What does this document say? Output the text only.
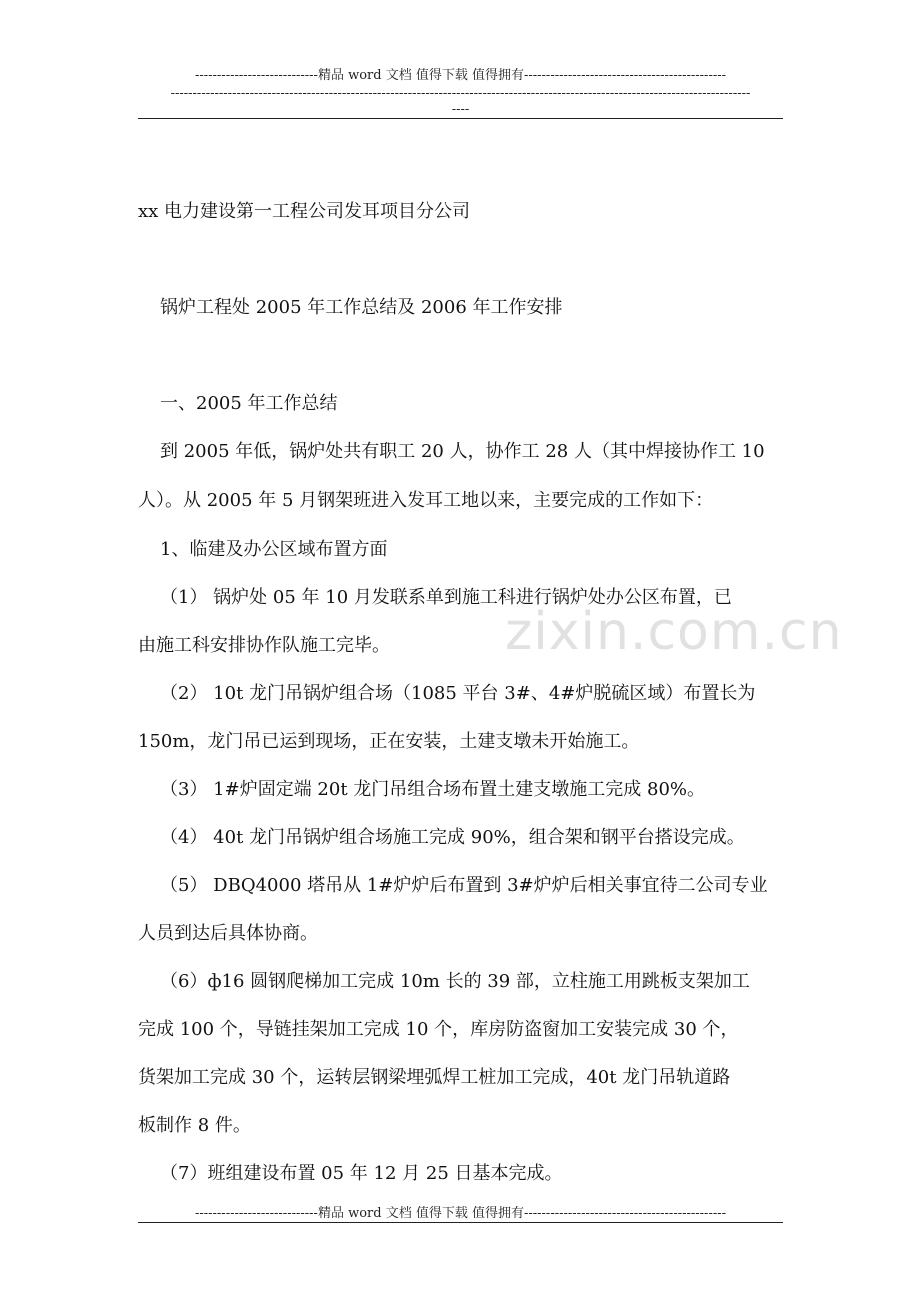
----------------------------精品 word 文档 值得下载 值得拥有----------------------------------------------
------------------------------------------------------------------------------------------------------------------------------------
----
xx 电力建设第一工程公司发耳项目分公司
锅炉工程处 2005 年工作总结及 2006 年工作安排
一、2005 年工作总结
到 2005 年低，锅炉处共有职工 20 人，协作工 28 人（其中焊接协作工 10
人）。从 2005 年 5 月钢架班进入发耳工地以来，主要完成的工作如下：
1、临建及办公区域布置方面
（1） 锅炉处 05 年 10 月发联系单到施工科进行锅炉处办公区布置，已
由施工科安排协作队施工完毕。
（2） 10t 龙门吊锅炉组合场（1085 平台 3#、4#炉脱硫区域）布置长为
150m，龙门吊已运到现场，正在安装，土建支墩未开始施工。
（3） 1#炉固定端 20t 龙门吊组合场布置土建支墩施工完成 80%。
（4） 40t 龙门吊锅炉组合场施工完成 90%，组合架和钢平台搭设完成。
（5） DBQ4000 塔吊从 1#炉炉后布置到 3#炉炉后相关事宜待二公司专业
人员到达后具体协商。
（6）ф16 圆钢爬梯加工完成 10m 长的 39 部，立柱施工用跳板支架加工
完成 100 个，导链挂架加工完成 10 个，库房防盗窗加工安装完成 30 个，
货架加工完成 30 个，运转层钢梁埋弧焊工桩加工完成，40t 龙门吊轨道路
板制作 8 件。
（7）班组建设布置 05 年 12 月 25 日基本完成。
zixin.com.cn
----------------------------精品 word 文档 值得下载 值得拥有----------------------------------------------
